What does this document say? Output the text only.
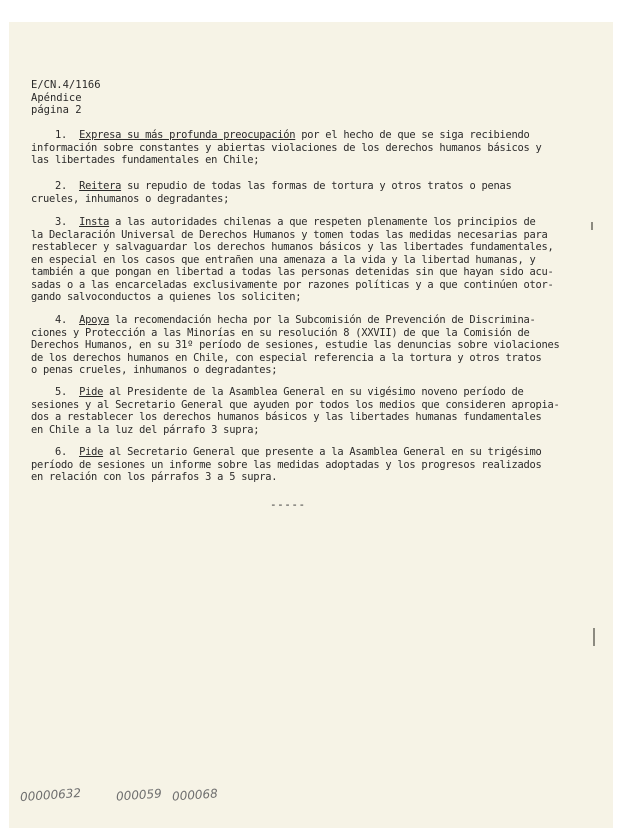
E/CN.4/1166
Apéndice
página 2
1. Expresa su más profunda preocupación por el hecho de que se siga recibiendo
información sobre constantes y abiertas violaciones de los derechos humanos básicos y
las libertades fundamentales en Chile;
2. Reitera su repudio de todas las formas de tortura y otros tratos o penas
crueles, inhumanos o degradantes;
3. Insta a las autoridades chilenas a que respeten plenamente los principios de
la Declaración Universal de Derechos Humanos y tomen todas las medidas necesarias para
restablecer y salvaguardar los derechos humanos básicos y las libertades fundamentales,
en especial en los casos que entrañen una amenaza a la vida y la libertad humanas, y
también a que pongan en libertad a todas las personas detenidas sin que hayan sido acu-
sadas o a las encarceladas exclusivamente por razones políticas y a que continúen otor-
gando salvoconductos a quienes los soliciten;
4. Apoya la recomendación hecha por la Subcomisión de Prevención de Discrimina-
ciones y Protección a las Minorías en su resolución 8 (XXVII) de que la Comisión de
Derechos Humanos, en su 31º período de sesiones, estudie las denuncias sobre violaciones
de los derechos humanos en Chile, con especial referencia a la tortura y otros tratos
o penas crueles, inhumanos o degradantes;
5. Pide al Presidente de la Asamblea General en su vigésimo noveno período de
sesiones y al Secretario General que ayuden por todos los medios que consideren apropia-
dos a restablecer los derechos humanos básicos y las libertades humanas fundamentales
en Chile a la luz del párrafo 3 supra;
6. Pide al Secretario General que presente a la Asamblea General en su trigésimo
período de sesiones un informe sobre las medidas adoptadas y los progresos realizados
en relación con los párrafos 3 a 5 supra.
-----
00000632	000059 000068
